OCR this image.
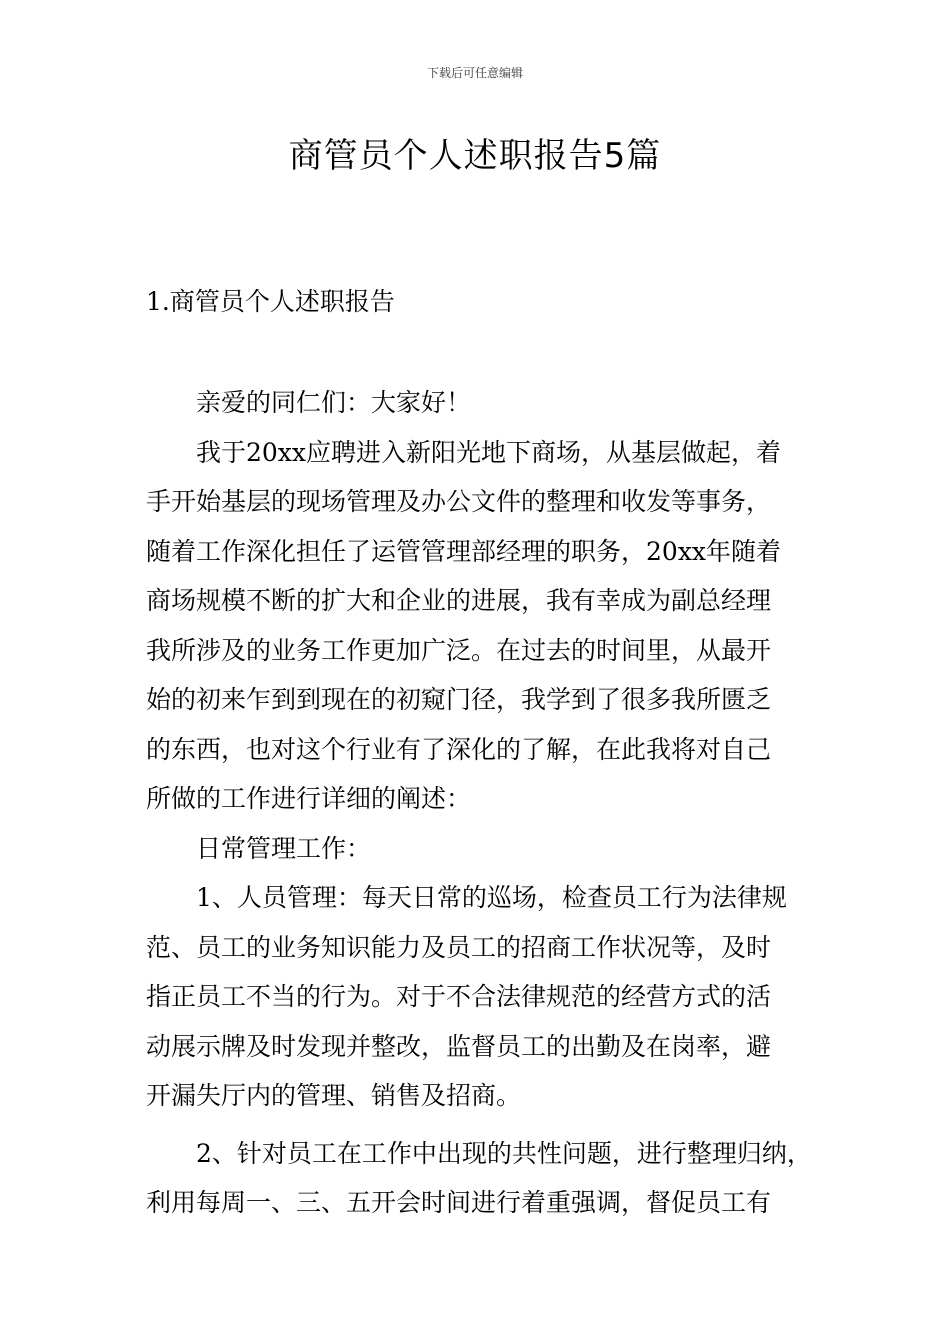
下载后可任意编辑
商管员个人述职报告5篇
1.商管员个人述职报告
亲爱的同仁们：大家好！
我于20xx应聘进入新阳光地下商场，从基层做起，着
手开始基层的现场管理及办公文件的整理和收发等事务，
随着工作深化担任了运管管理部经理的职务，20xx年随着
商场规模不断的扩大和企业的进展，我有幸成为副总经理
我所涉及的业务工作更加广泛。在过去的时间里，从最开
始的初来乍到到现在的初窥门径，我学到了很多我所匮乏
的东西，也对这个行业有了深化的了解，在此我将对自己
所做的工作进行详细的阐述：
日常管理工作：
1、人员管理：每天日常的巡场，检查员工行为法律规
范、员工的业务知识能力及员工的招商工作状况等，及时
指正员工不当的行为。对于不合法律规范的经营方式的活
动展示牌及时发现并整改，监督员工的出勤及在岗率，避
开漏失厅内的管理、销售及招商。
2、针对员工在工作中出现的共性问题，进行整理归纳，
利用每周一、三、五开会时间进行着重强调，督促员工有
